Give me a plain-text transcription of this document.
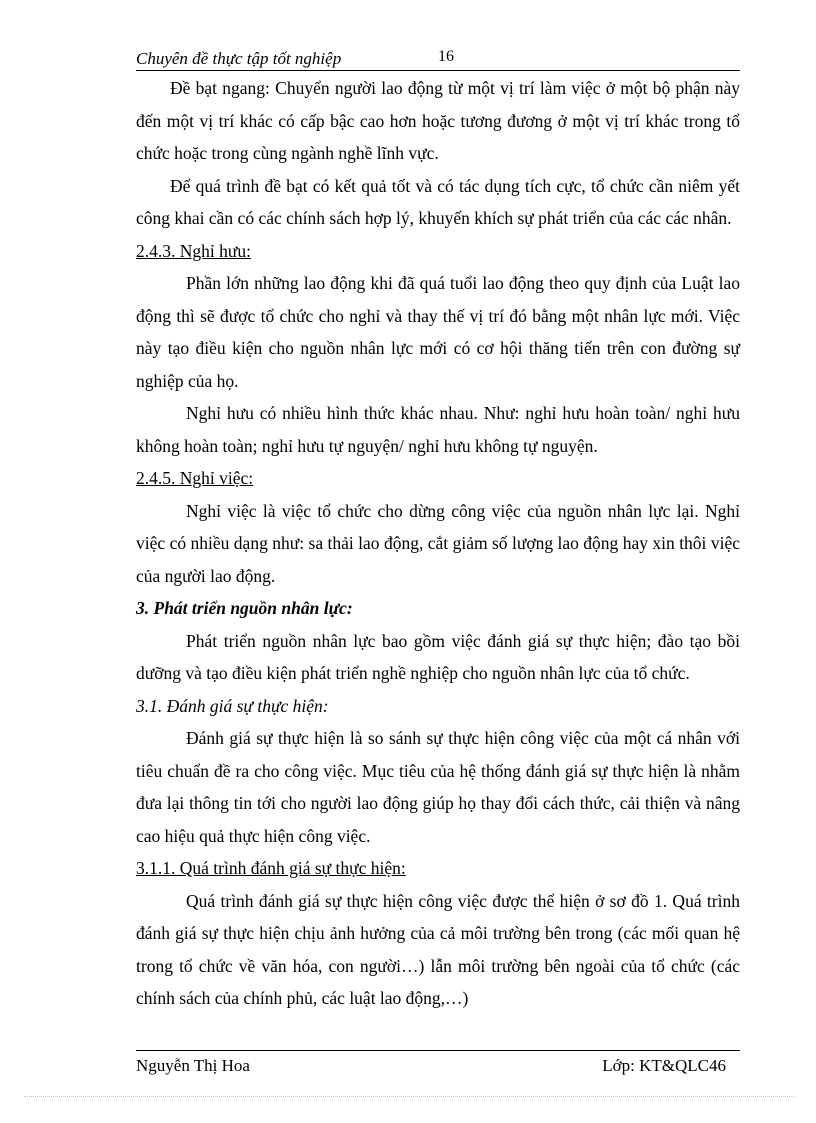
Chuyên đề thực tập tốt nghiệp	16

Đề bạt ngang: Chuyển người lao động từ một vị trí làm việc ở một bộ phận này đến một vị trí khác có cấp bậc cao hơn hoặc tương đương ở một vị trí khác trong tổ chức hoặc trong cùng ngành nghề lĩnh vực.

Để quá trình đề bạt có kết quả tốt và có tác dụng tích cực, tổ chức cần niêm yết công khai cần có các chính sách hợp lý, khuyến khích sự phát triển của các các nhân.

2.4.3. Nghỉ hưu:

Phần lớn những lao động khi đã quá tuổi lao động theo quy định của Luật lao động thì sẽ được tổ chức cho nghỉ và thay thế vị trí đó bằng một nhân lực mới. Việc này tạo điều kiện cho nguồn nhân lực mới có cơ hội thăng tiến trên con đường sự nghiệp của họ.

Nghỉ hưu có nhiều hình thức khác nhau. Như: nghỉ hưu hoàn toàn/ nghỉ hưu không hoàn toàn; nghỉ hưu tự nguyện/ nghỉ hưu không tự nguyện.

2.4.5. Nghỉ việc:

Nghỉ việc là việc tổ chức cho dừng công việc của nguồn nhân lực lại. Nghỉ việc có nhiều dạng như: sa thải lao động, cắt giảm số lượng lao động hay xin thôi việc của người lao động.

3. Phát triển nguồn nhân lực:

Phát triển nguồn nhân lực bao gồm việc đánh giá sự thực hiện; đào tạo bồi dưỡng và tạo điều kiện phát triển nghề nghiệp cho nguồn nhân lực của tổ chức.

3.1. Đánh giá sự thực hiện:

Đánh giá sự thực hiện là so sánh sự thực hiện công việc của một cá nhân với tiêu chuẩn đề ra cho công việc. Mục tiêu của hệ thống đánh giá sự thực hiện là nhằm đưa lại thông tin tới cho người lao động giúp họ thay đổi cách thức, cải thiện và nâng cao hiệu quả thực hiện công việc.

3.1.1. Quá trình đánh giá sự thực hiện:

Quá trình đánh giá sự thực hiện công việc được thể hiện ở sơ đồ 1. Quá trình đánh giá sự thực hiện chịu ảnh hưởng của cả môi trường bên trong (các mối quan hệ trong tổ chức về văn hóa, con người…) lẫn môi trường bên ngoài của tổ chức (các chính sách của chính phủ, các luật lao động,…)

Nguyễn Thị Hoa	Lớp: KT&QLC46
